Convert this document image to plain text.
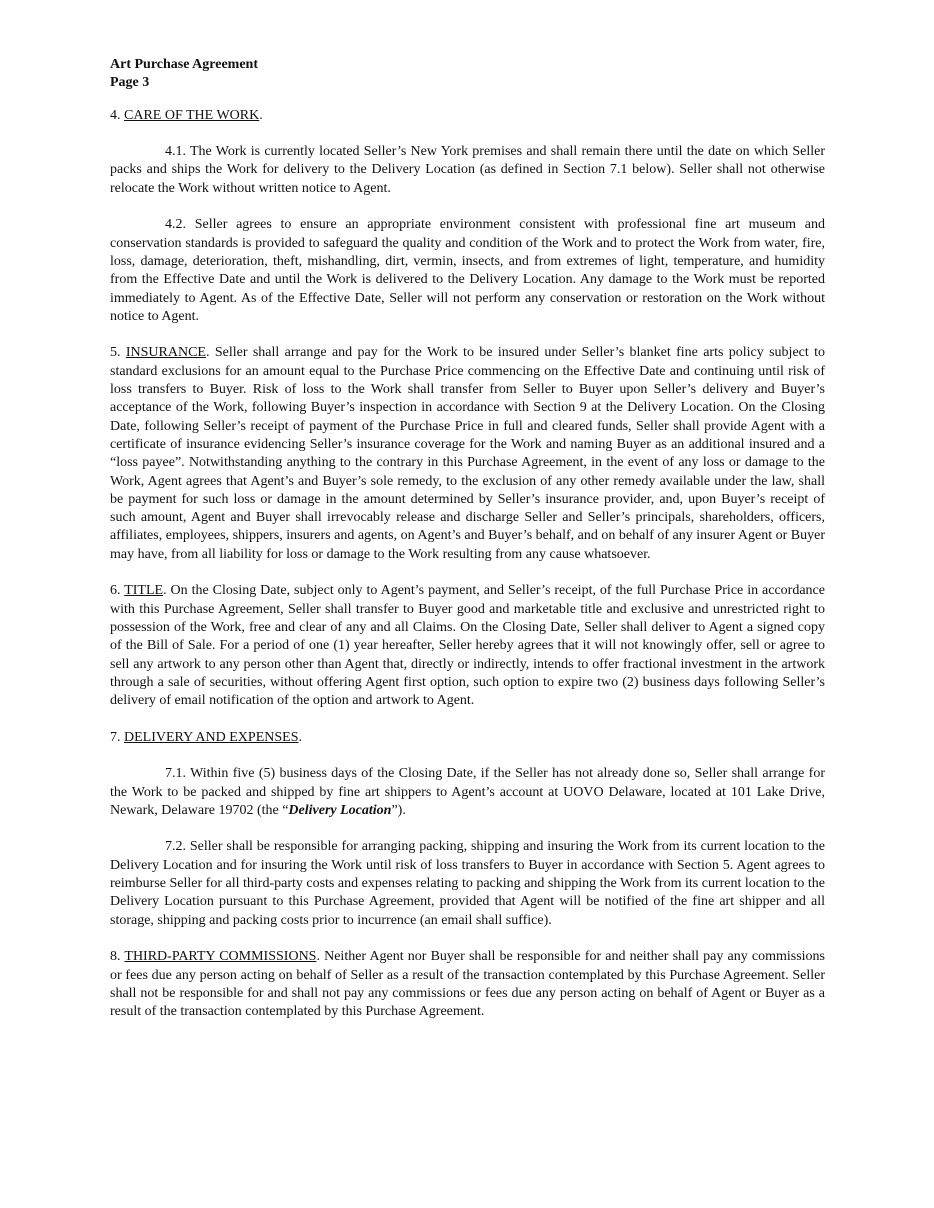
Art Purchase Agreement
Page 3
4. CARE OF THE WORK.

4.1. The Work is currently located Seller’s New York premises and shall remain there until the date on which Seller packs and ships the Work for delivery to the Delivery Location (as defined in Section 7.1 below). Seller shall not otherwise relocate the Work without written notice to Agent.

4.2. Seller agrees to ensure an appropriate environment consistent with professional fine art museum and conservation standards is provided to safeguard the quality and condition of the Work and to protect the Work from water, fire, loss, damage, deterioration, theft, mishandling, dirt, vermin, insects, and from extremes of light, temperature, and humidity from the Effective Date and until the Work is delivered to the Delivery Location. Any damage to the Work must be reported immediately to Agent. As of the Effective Date, Seller will not perform any conservation or restoration on the Work without notice to Agent.

5. INSURANCE. Seller shall arrange and pay for the Work to be insured under Seller’s blanket fine arts policy subject to standard exclusions for an amount equal to the Purchase Price commencing on the Effective Date and continuing until risk of loss transfers to Buyer. Risk of loss to the Work shall transfer from Seller to Buyer upon Seller’s delivery and Buyer’s acceptance of the Work, following Buyer’s inspection in accordance with Section 9 at the Delivery Location. On the Closing Date, following Seller’s receipt of payment of the Purchase Price in full and cleared funds, Seller shall provide Agent with a certificate of insurance evidencing Seller’s insurance coverage for the Work and naming Buyer as an additional insured and a “loss payee”. Notwithstanding anything to the contrary in this Purchase Agreement, in the event of any loss or damage to the Work, Agent agrees that Agent’s and Buyer’s sole remedy, to the exclusion of any other remedy available under the law, shall be payment for such loss or damage in the amount determined by Seller’s insurance provider, and, upon Buyer’s receipt of such amount, Agent and Buyer shall irrevocably release and discharge Seller and Seller’s principals, shareholders, officers, affiliates, employees, shippers, insurers and agents, on Agent’s and Buyer’s behalf, and on behalf of any insurer Agent or Buyer may have, from all liability for loss or damage to the Work resulting from any cause whatsoever.

6. TITLE. On the Closing Date, subject only to Agent’s payment, and Seller’s receipt, of the full Purchase Price in accordance with this Purchase Agreement, Seller shall transfer to Buyer good and marketable title and exclusive and unrestricted right to possession of the Work, free and clear of any and all Claims. On the Closing Date, Seller shall deliver to Agent a signed copy of the Bill of Sale. For a period of one (1) year hereafter, Seller hereby agrees that it will not knowingly offer, sell or agree to sell any artwork to any person other than Agent that, directly or indirectly, intends to offer fractional investment in the artwork through a sale of securities, without offering Agent first option, such option to expire two (2) business days following Seller’s delivery of email notification of the option and artwork to Agent.

7. DELIVERY AND EXPENSES.

7.1. Within five (5) business days of the Closing Date, if the Seller has not already done so, Seller shall arrange for the Work to be packed and shipped by fine art shippers to Agent’s account at UOVO Delaware, located at 101 Lake Drive, Newark, Delaware 19702 (the “Delivery Location”).

7.2. Seller shall be responsible for arranging packing, shipping and insuring the Work from its current location to the Delivery Location and for insuring the Work until risk of loss transfers to Buyer in accordance with Section 5. Agent agrees to reimburse Seller for all third-party costs and expenses relating to packing and shipping the Work from its current location to the Delivery Location pursuant to this Purchase Agreement, provided that Agent will be notified of the fine art shipper and all storage, shipping and packing costs prior to incurrence (an email shall suffice).

8. THIRD-PARTY COMMISSIONS. Neither Agent nor Buyer shall be responsible for and neither shall pay any commissions or fees due any person acting on behalf of Seller as a result of the transaction contemplated by this Purchase Agreement. Seller shall not be responsible for and shall not pay any commissions or fees due any person acting on behalf of Agent or Buyer as a result of the transaction contemplated by this Purchase Agreement.
